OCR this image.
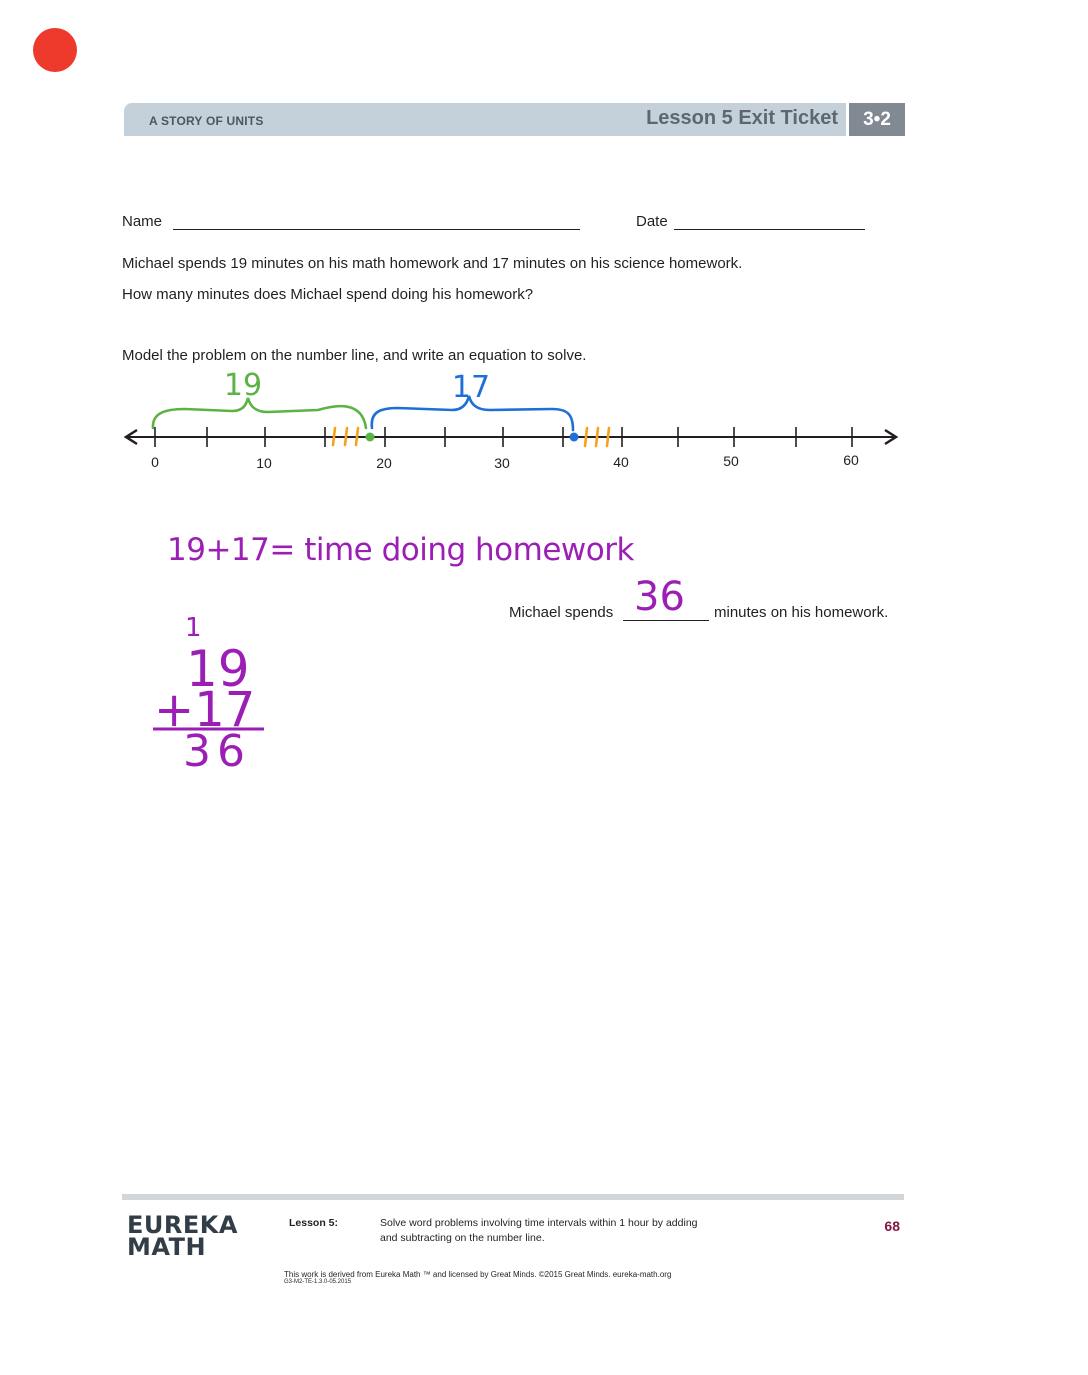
A STORY OF UNITS	Lesson 5 Exit Ticket	3•2
Name	Date
Michael spends 19 minutes on his math homework and 17 minutes on his science homework.
How many minutes does Michael spend doing his homework?
Model the problem on the number line, and write an equation to solve.
0	10	20	30	40	50	60
19	17
19+17= time doing homework
1
19
+17
36
Michael spends 36 minutes on his homework.
EUREKA
MATH
Lesson 5:	Solve word problems involving time intervals within 1 hour by adding
and subtracting on the number line.
68
This work is derived from Eureka Math ™ and licensed by Great Minds. ©2015 Great Minds. eureka-math.org
G3-M2-TE-1.3.0-05.2015
